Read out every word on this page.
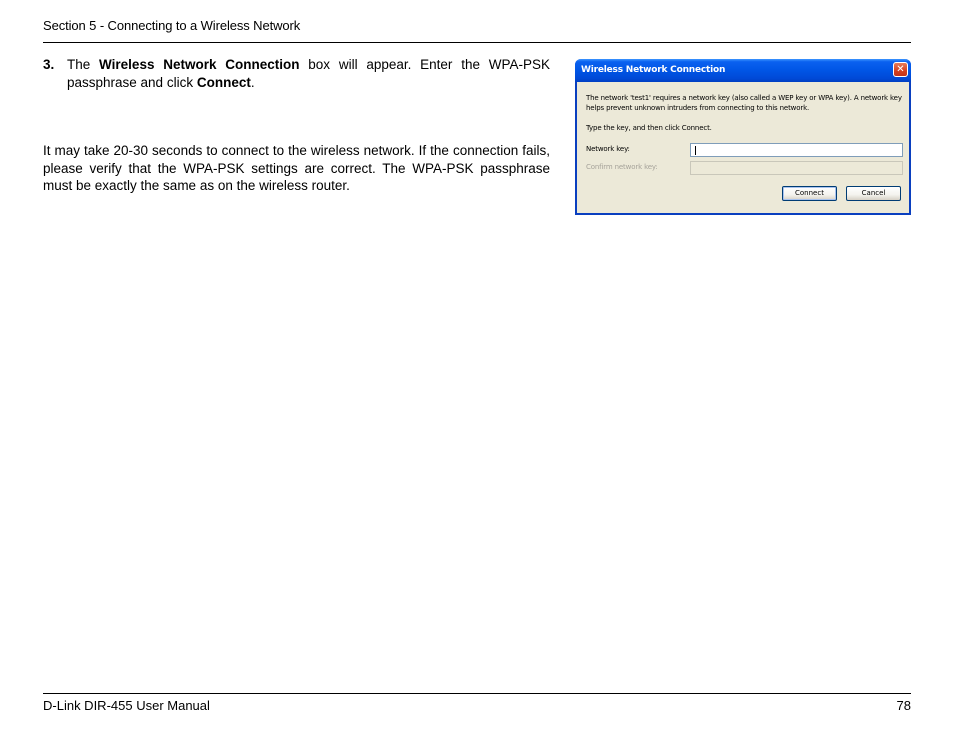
Section 5 - Connecting to a Wireless Network
3. The Wireless Network Connection box will appear. Enter the WPA-PSK passphrase and click Connect.
It may take 20-30 seconds to connect to the wireless network. If the connection fails, please verify that the WPA-PSK settings are correct. The WPA-PSK passphrase must be exactly the same as on the wireless router.
Wireless Network Connection	✕
The network 'test1' requires a network key (also called a WEP key or WPA key). A network key helps prevent unknown intruders from connecting to this network.
Type the key, and then click Connect.
Network key:
Confirm network key:
Connect	Cancel
D-Link DIR-455 User Manual	78
